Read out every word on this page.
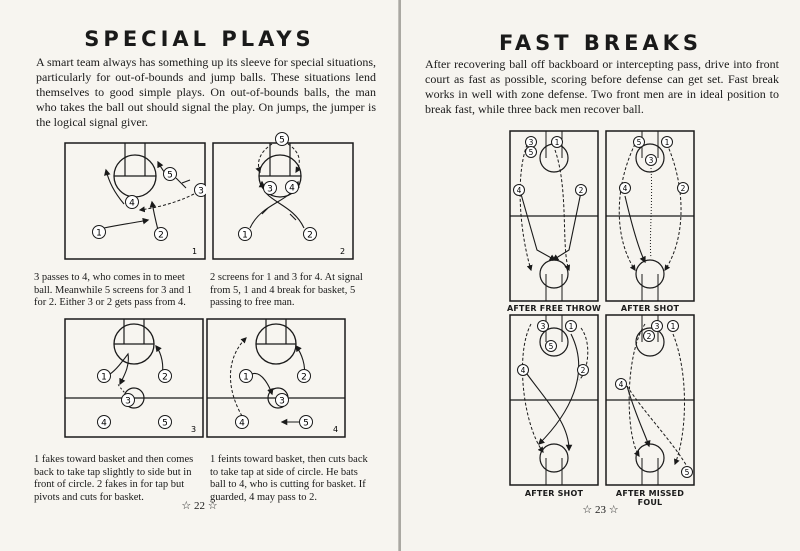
SPECIAL PLAYS
A smart team always has something up its sleeve for special situations, particularly for out-of-bounds and jump balls. These situations lend themselves to good simple plays. On out-of-bounds balls, the man who takes the ball out should signal the play. On jumps, the jumper is the logical signal giver.
5
4
3
1	2
1
3 4
1	2
2
5
3 passes to 4, who comes in to meet ball. Meanwhile 5 screens for 3 and 1 for 2. Either 3 or 2 gets pass from 4.
2 screens for 1 and 3 for 4. At signal from 5, 1 and 4 break for basket, 5 passing to free man.
1	2
3
4	5
3
1	2
3
4	5
4
1 fakes toward basket and then comes back to take tap slightly to side but in front of circle. 2 fakes in for tap but pivots and cuts for basket.
1 feints toward basket, then cuts back to take tap at side of circle. He bats ball to 4, who is cutting for basket. If guarded, 4 may pass to 2.
☆ 22 ☆
FAST BREAKS
After recovering ball off backboard or intercepting pass, drive into front court as fast as possible, scoring before defense can get set. Fast break works in well with zone defense. Two front men are in ideal position to break fast, while three back men recover ball.
3	1
5
4	2
AFTER FREE THROW
5	1
3
4	2
AFTER SHOT
3	1
5
4	2
AFTER SHOT
3 1
2
4
5
AFTER MISSED FOUL
☆ 23 ☆
